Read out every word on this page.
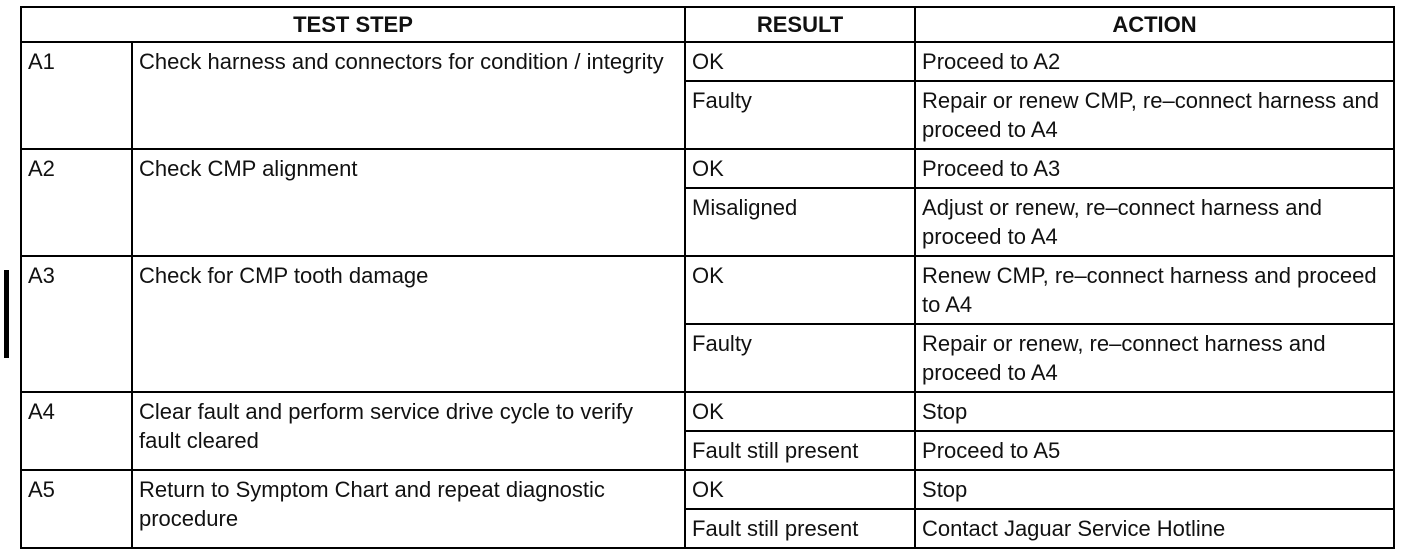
TEST STEP		RESULT	ACTION
A1	Check harness and connectors for condition / integrity	OK	Proceed to A2
		Faulty	Repair or renew CMP, re–connect harness and proceed to A4
A2	Check CMP alignment	OK	Proceed to A3
		Misaligned	Adjust or renew, re–connect harness and proceed to A4
A3	Check for CMP tooth damage	OK	Renew CMP, re–connect harness and proceed to A4
		Faulty	Repair or renew, re–connect harness and proceed to A4
A4	Clear fault and perform service drive cycle to verify fault cleared	OK	Stop
		Fault still present	Proceed to A5
A5	Return to Symptom Chart and repeat diagnostic procedure	OK	Stop
		Fault still present	Contact Jaguar Service Hotline
